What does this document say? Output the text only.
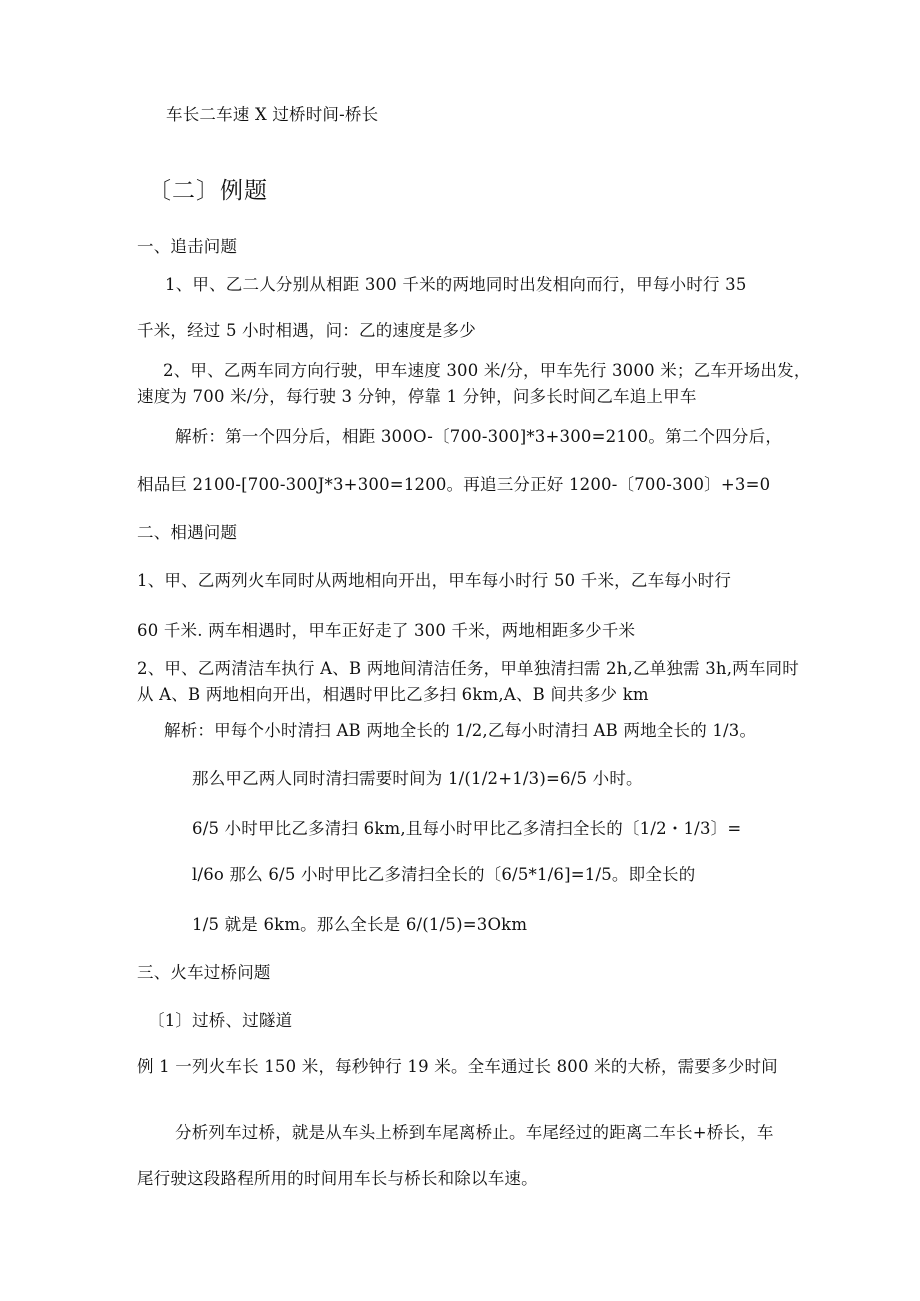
车长二车速 X 过桥时间-桥长
〔二〕例题
一、追击问题
1、甲、乙二人分别从相距 300 千米的两地同时出发相向而行，甲每小时行 35
千米，经过 5 小时相遇，问：乙的速度是多少
2、甲、乙两车同方向行驶，甲车速度 300 米/分，甲车先行 3000 米；乙车开场出发，
速度为 700 米/分，每行驶 3 分钟，停靠 1 分钟，问多长时间乙车追上甲车
解析：第一个四分后，相距 300O-〔700-300]*3+300=2100。第二个四分后，
相品巨 2100-[700-300J*3+300=1200。再追三分正好 1200-〔700-300〕+3=0
二、相遇问题
1、甲、乙两列火车同时从两地相向开出，甲车每小时行 50 千米，乙车每小时行
60 千米. 两车相遇时，甲车正好走了 300 千米，两地相距多少千米
2、甲、乙两清洁车执行 A、B 两地间清洁任务，甲单独清扫需 2h,乙单独需 3h,两车同时
从 A、B 两地相向开出，相遇时甲比乙多扫 6km,A、B 间共多少 km
解析：甲每个小时清扫 AB 两地全长的 1/2,乙每小时清扫 AB 两地全长的 1/3。
那么甲乙两人同时清扫需要时间为 1/(1/2+1/3)=6/5 小时。
6/5 小时甲比乙多清扫 6km,且每小时甲比乙多清扫全长的〔1/2・1/3〕=
l/6o 那么 6/5 小时甲比乙多清扫全长的〔6/5*1/6]=1/5。即全长的
1/5 就是 6km。那么全长是 6/(1/5)=3Okm
三、火车过桥问题
〔1〕过桥、过隧道
例 1 一列火车长 150 米，每秒钟行 19 米。全车通过长 800 米的大桥，需要多少时间
分析列车过桥，就是从车头上桥到车尾离桥止。车尾经过的距离二车长+桥长，车
尾行驶这段路程所用的时间用车长与桥长和除以车速。
